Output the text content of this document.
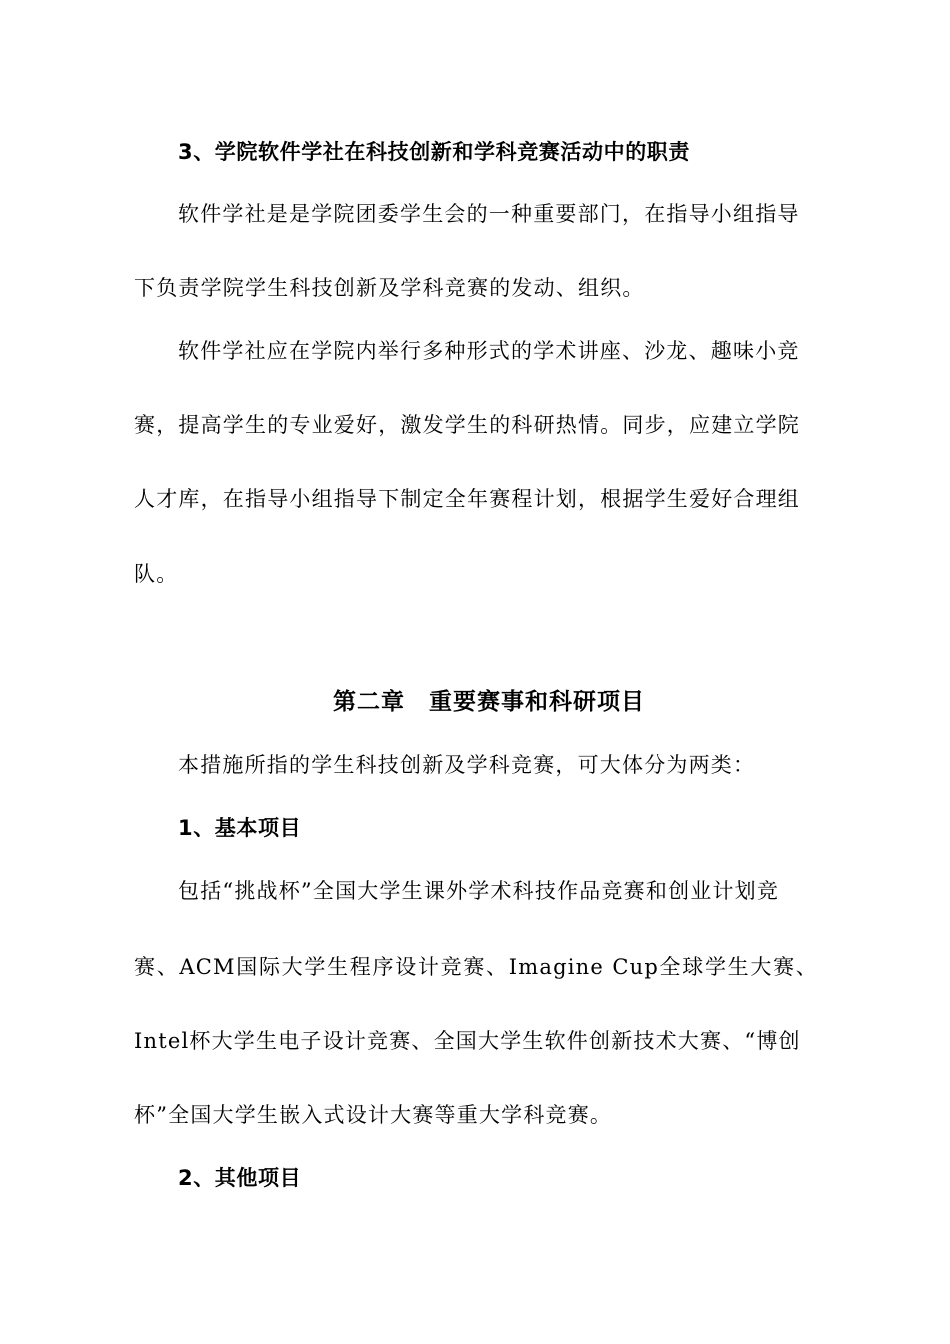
3、学院软件学社在科技创新和学科竞赛活动中的职责
软件学社是是学院团委学生会的一种重要部门，在指导小组指导
下负责学院学生科技创新及学科竞赛的发动、组织。
软件学社应在学院内举行多种形式的学术讲座、沙龙、趣味小竞
赛，提高学生的专业爱好，激发学生的科研热情。同步，应建立学院
人才库，在指导小组指导下制定全年赛程计划，根据学生爱好合理组
队。
第二章　重要赛事和科研项目
本措施所指的学生科技创新及学科竞赛，可大体分为两类：
1、基本项目
包括“挑战杯”全国大学生课外学术科技作品竞赛和创业计划竞
赛、ACM国际大学生程序设计竞赛、Imagine Cup全球学生大赛、
Intel杯大学生电子设计竞赛、全国大学生软件创新技术大赛、“博创
杯”全国大学生嵌入式设计大赛等重大学科竞赛。
2、其他项目
